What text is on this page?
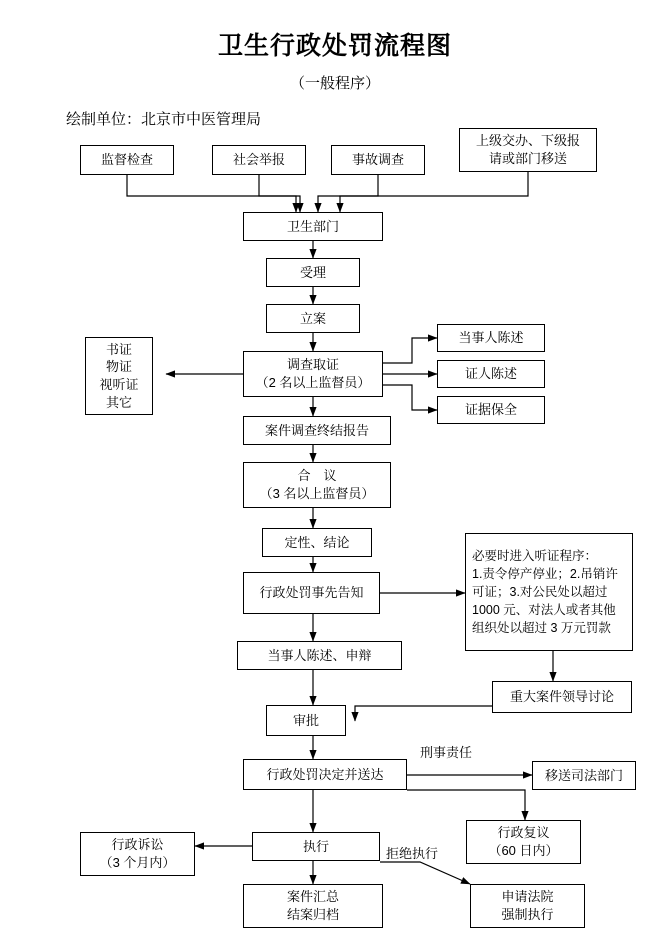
卫生行政处罚流程图
（一般程序）
绘制单位：北京市中医管理局
监督检查	社会举报	事故调查
上级交办、下级报
请或部门移送
卫生部门
受理
立案
调查取证
（2 名以上监督员）
书证
物证
视听证
其它
当事人陈述
证人陈述
证据保全
案件调查终结报告
合　议
（3 名以上监督员）
定性、结论
行政处罚事先告知
必要时进入听证程序：
1.责令停产停业；2.吊销许
可证；3.对公民处以超过
1000 元、对法人或者其他
组织处以超过 3 万元罚款
当事人陈述、申辩
重大案件领导讨论
审批
行政处罚决定并送达	移送司法部门
刑事责任
拒绝执行
行政诉讼
（3 个月内）
行政复议
（60 日内）
执行
案件汇总
结案归档
申请法院
强制执行
